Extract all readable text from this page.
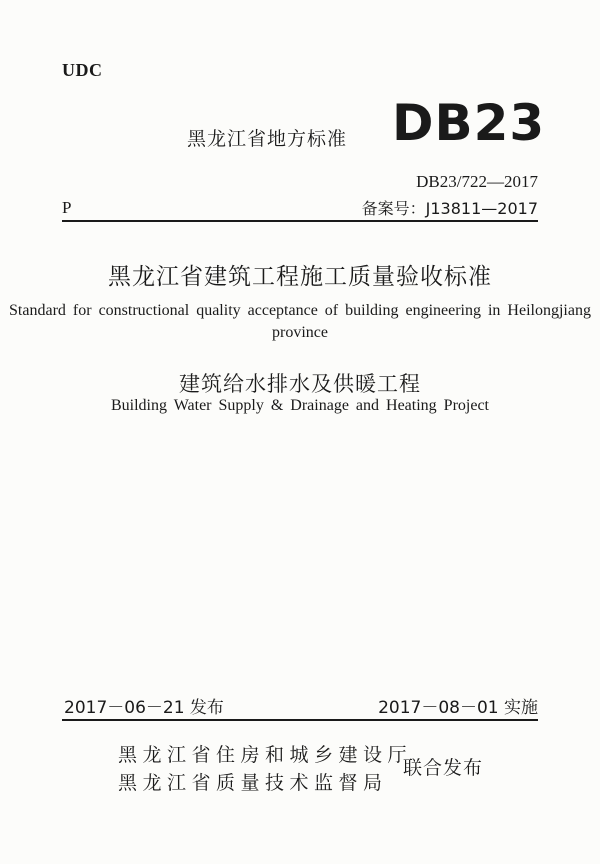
UDC
黑龙江省地方标准 DB23
DB23/722—2017
P	备案号：J13811—2017
黑龙江省建筑工程施工质量验收标准
Standard for constructional quality acceptance of building engineering in Heilongjiang province
建筑给水排水及供暖工程
Building Water Supply & Drainage and Heating Project
2017－06－21 发布	2017－08－01 实施
黑龙江省住房和城乡建设厅
黑龙江省质量技术监督局
联合发布
